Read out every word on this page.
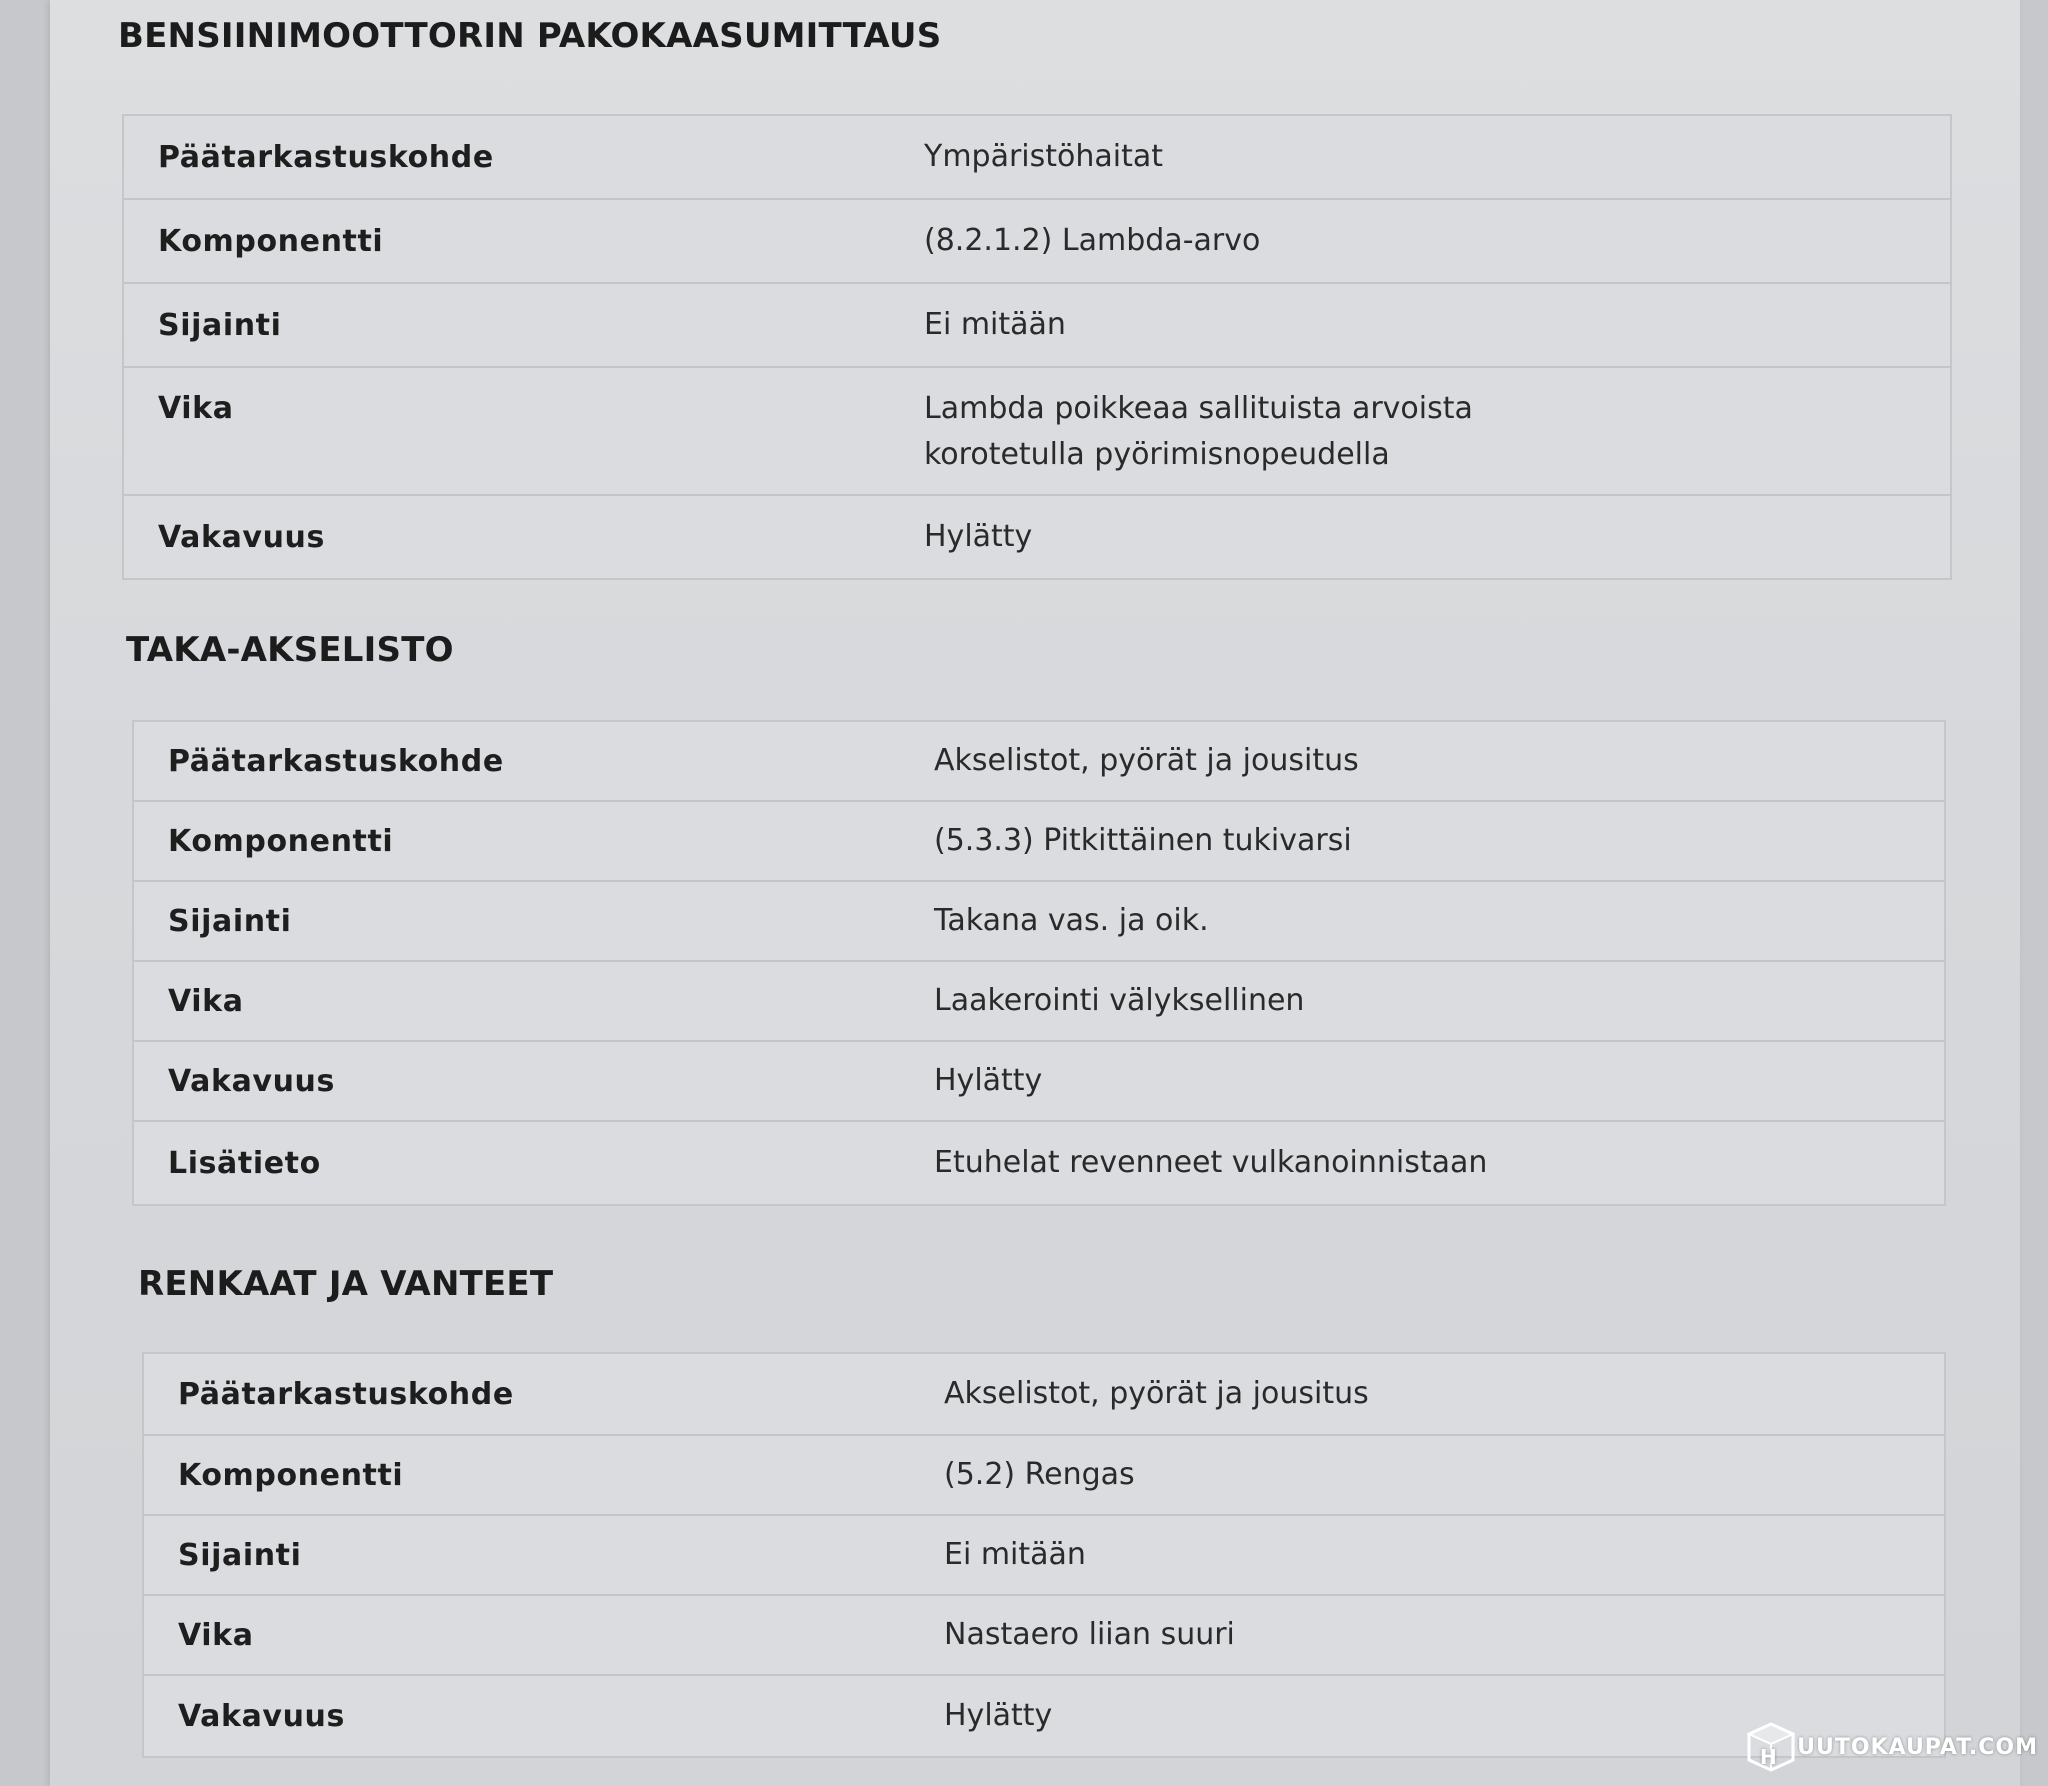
BENSIINIMOOTTORIN PAKOKAASUMITTAUS
Päätarkastuskohde	Ympäristöhaitat
Komponentti	(8.2.1.2) Lambda-arvo
Sijainti	Ei mitään
Vika	Lambda poikkeaa sallituista arvoista korotetulla pyörimisnopeudella
Vakavuus	Hylätty
TAKA-AKSELISTO
Päätarkastuskohde	Akselistot, pyörät ja jousitus
Komponentti	(5.3.3) Pitkittäinen tukivarsi
Sijainti	Takana vas. ja oik.
Vika	Laakerointi välyksellinen
Vakavuus	Hylätty
Lisätieto	Etuhelat revenneet vulkanoinnistaan
RENKAAT JA VANTEET
Päätarkastuskohde	Akselistot, pyörät ja jousitus
Komponentti	(5.2) Rengas
Sijainti	Ei mitään
Vika	Nastaero liian suuri
Vakavuus	Hylätty
H UUTOKAUPAT.COM
